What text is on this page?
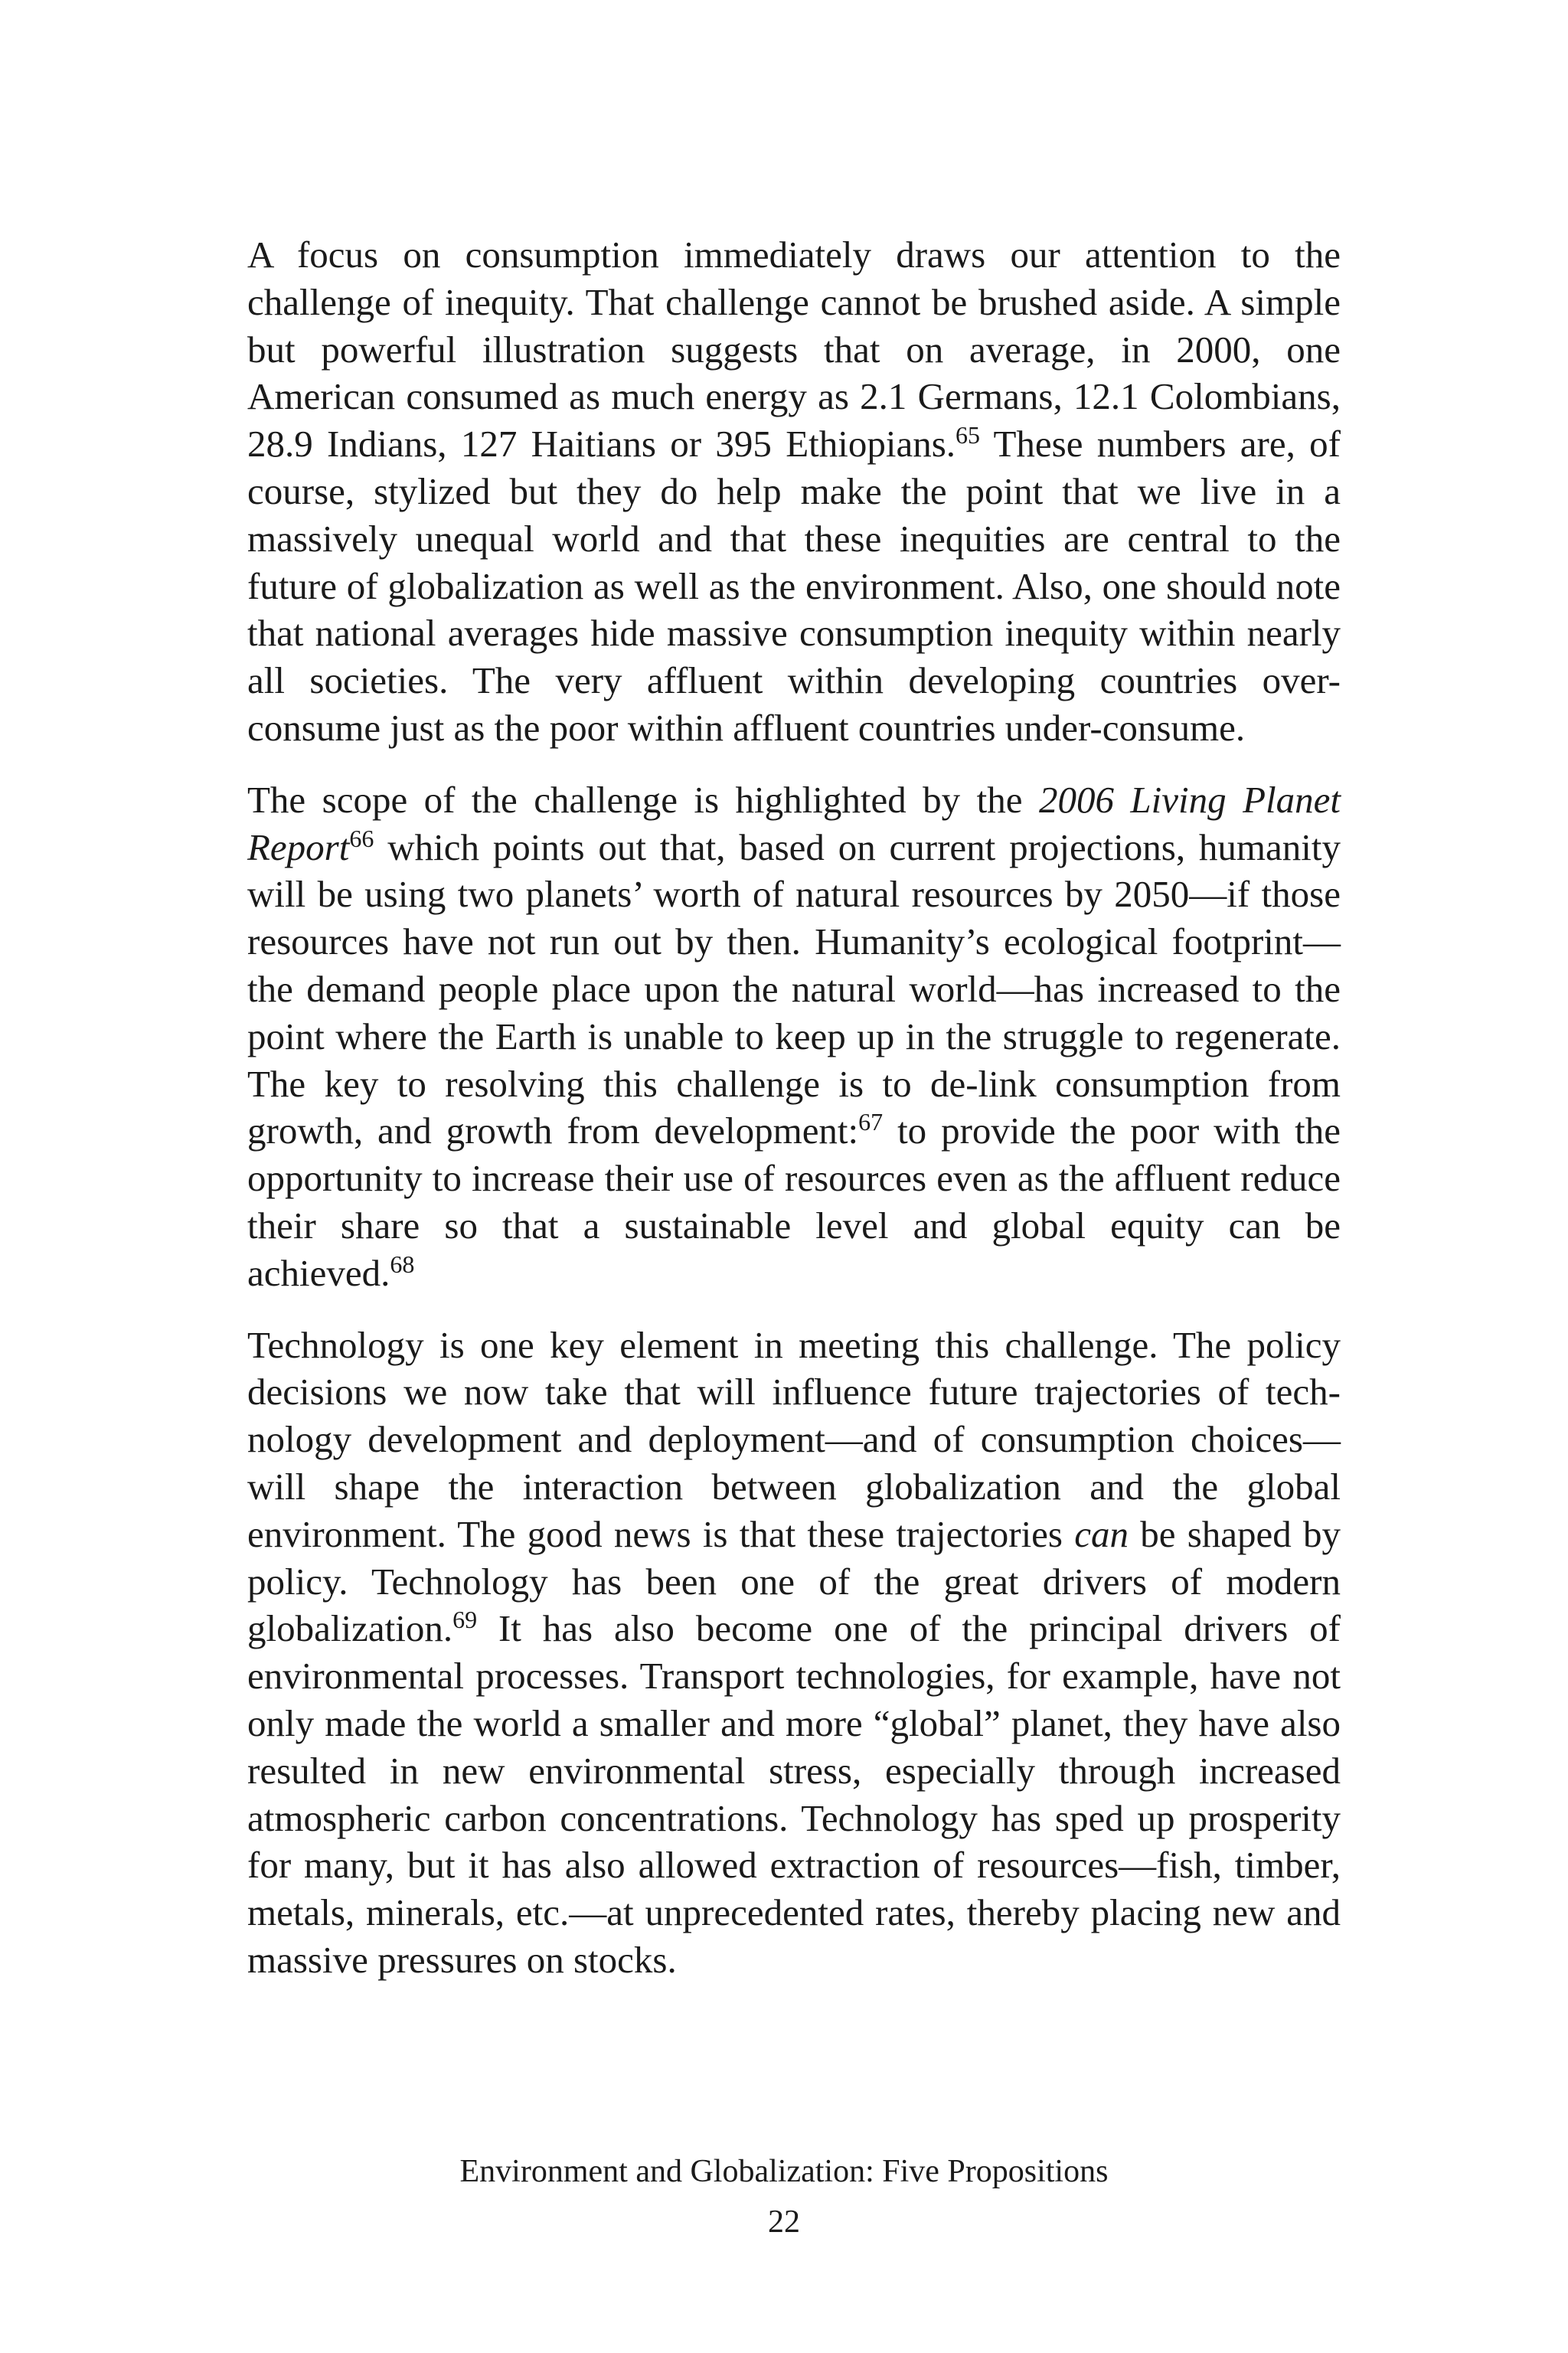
A focus on consumption immediately draws our attention to the challenge of inequity. That challenge cannot be brushed aside. A simple but powerful illustration suggests that on average, in 2000, one American consumed as much energy as 2.1 Germans, 12.1 Colombians, 28.9 Indians, 127 Haitians or 395 Ethiopians.$^{65}$ These numbers are, of course, stylized but they do help make the point that we live in a massively unequal world and that these inequities are central to the future of globalization as well as the environment. Also, one should note that national averages hide massive consumption inequity within nearly all societies. The very affluent within developing countries over-consume just as the poor within affluent countries under-consume.

The scope of the challenge is highlighted by the 2006 Living Planet Report$^{66}$ which points out that, based on current projections, humanity will be using two planets’ worth of natural resources by 2050—if those resources have not run out by then. Humanity’s ecological footprint—the demand people place upon the natural world—has increased to the point where the Earth is unable to keep up in the struggle to regenerate. The key to resolving this challenge is to de-link consumption from growth, and growth from development:$^{67}$ to provide the poor with the opportunity to increase their use of resources even as the affluent reduce their share so that a sustainable level and global equity can be achieved.$^{68}$

Technology is one key element in meeting this challenge. The policy decisions we now take that will influence future trajectories of technology development and deployment—and of consumption choices—will shape the interaction between globalization and the global environment. The good news is that these trajectories can be shaped by policy. Technology has been one of the great drivers of modern globalization.$^{69}$ It has also become one of the principal drivers of environmental processes. Transport technologies, for example, have not only made the world a smaller and more “global” planet, they have also resulted in new environmental stress, especially through increased atmospheric carbon concentrations. Technology has sped up prosperity for many, but it has also allowed extraction of resources—fish, timber, metals, minerals, etc.—at unprecedented rates, thereby placing new and massive pressures on stocks.

Environment and Globalization: Five Propositions
22
